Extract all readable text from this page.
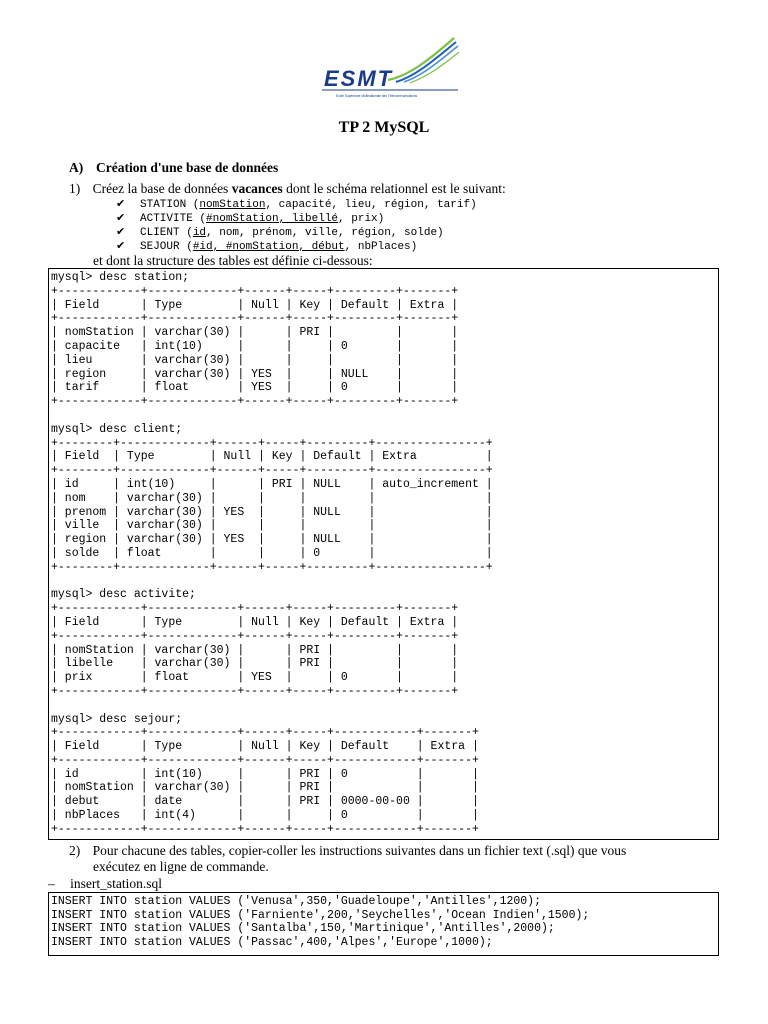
ESMT
Ecole Supérieure Multinationale des Télécommunications
TP 2 MySQL
A) Création d'une base de données
1) Créez la base de données vacances dont le schéma relationnel est le suivant:
✔ STATION (nomStation, capacité, lieu, région, tarif)
✔ ACTIVITE (#nomStation, libellé, prix)
✔ CLIENT (id, nom, prénom, ville, région, solde)
✔ SEJOUR (#id, #nomStation, début, nbPlaces)
et dont la structure des tables est définie ci-dessous:
mysql> desc station;
+------------+-------------+------+-----+---------+-------+
| Field      | Type        | Null | Key | Default | Extra |
+------------+-------------+------+-----+---------+-------+
| nomStation | varchar(30) |      | PRI |         |       |
| capacite   | int(10)     |      |     | 0       |       |
| lieu       | varchar(30) |      |     |         |       |
| region     | varchar(30) | YES  |     | NULL    |       |
| tarif      | float       | YES  |     | 0       |       |
+------------+-------------+------+-----+---------+-------+

mysql> desc client;
+--------+-------------+------+-----+---------+----------------+
| Field  | Type        | Null | Key | Default | Extra          |
+--------+-------------+------+-----+---------+----------------+
| id     | int(10)     |      | PRI | NULL    | auto_increment |
| nom    | varchar(30) |      |     |         |                |
| prenom | varchar(30) | YES  |     | NULL    |                |
| ville  | varchar(30) |      |     |         |                |
| region | varchar(30) | YES  |     | NULL    |                |
| solde  | float       |      |     | 0       |                |
+--------+-------------+------+-----+---------+----------------+

mysql> desc activite;
+------------+-------------+------+-----+---------+-------+
| Field      | Type        | Null | Key | Default | Extra |
+------------+-------------+------+-----+---------+-------+
| nomStation | varchar(30) |      | PRI |         |       |
| libelle    | varchar(30) |      | PRI |         |       |
| prix       | float       | YES  |     | 0       |       |
+------------+-------------+------+-----+---------+-------+

mysql> desc sejour;
+------------+-------------+------+-----+------------+-------+
| Field      | Type        | Null | Key | Default    | Extra |
+------------+-------------+------+-----+------------+-------+
| id         | int(10)     |      | PRI | 0          |       |
| nomStation | varchar(30) |      | PRI |            |       |
| debut      | date        |      | PRI | 0000-00-00 |       |
| nbPlaces   | int(4)      |      |     | 0          |       |
+------------+-------------+------+-----+------------+-------+
2) Pour chacune des tables, copier-coller les instructions suivantes dans un fichier text (.sql) que vous
exécutez en ligne de commande.
– insert_station.sql
INSERT INTO station VALUES ('Venusa',350,'Guadeloupe','Antilles',1200);
INSERT INTO station VALUES ('Farniente',200,'Seychelles','Ocean Indien',1500);
INSERT INTO station VALUES ('Santalba',150,'Martinique','Antilles',2000);
INSERT INTO station VALUES ('Passac',400,'Alpes','Europe',1000);
